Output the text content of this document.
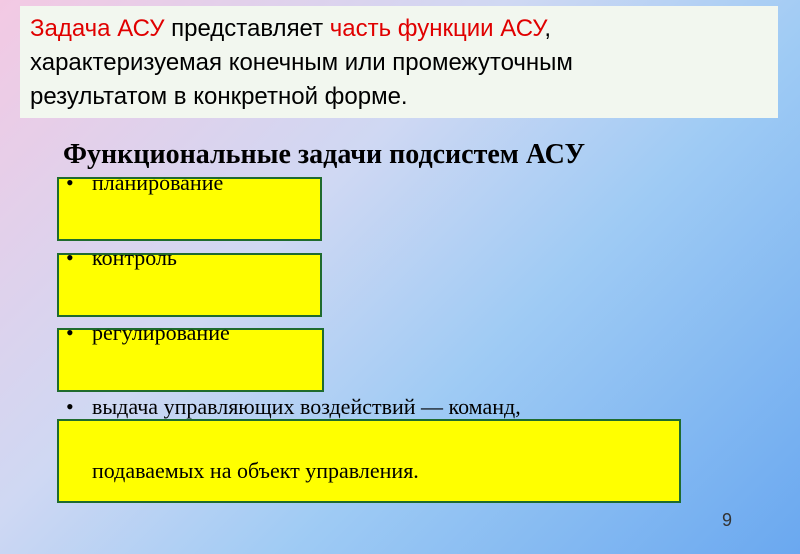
Задача АСУ представляет часть функции АСУ,

характеризуемая конечным или промежуточным

результатом в конкретной форме.

Функциональные задачи подсистем АСУ
• планирование
• контроль
• регулирование
• выдача управляющих воздействий — команд,
подаваемых на объект управления.
9
